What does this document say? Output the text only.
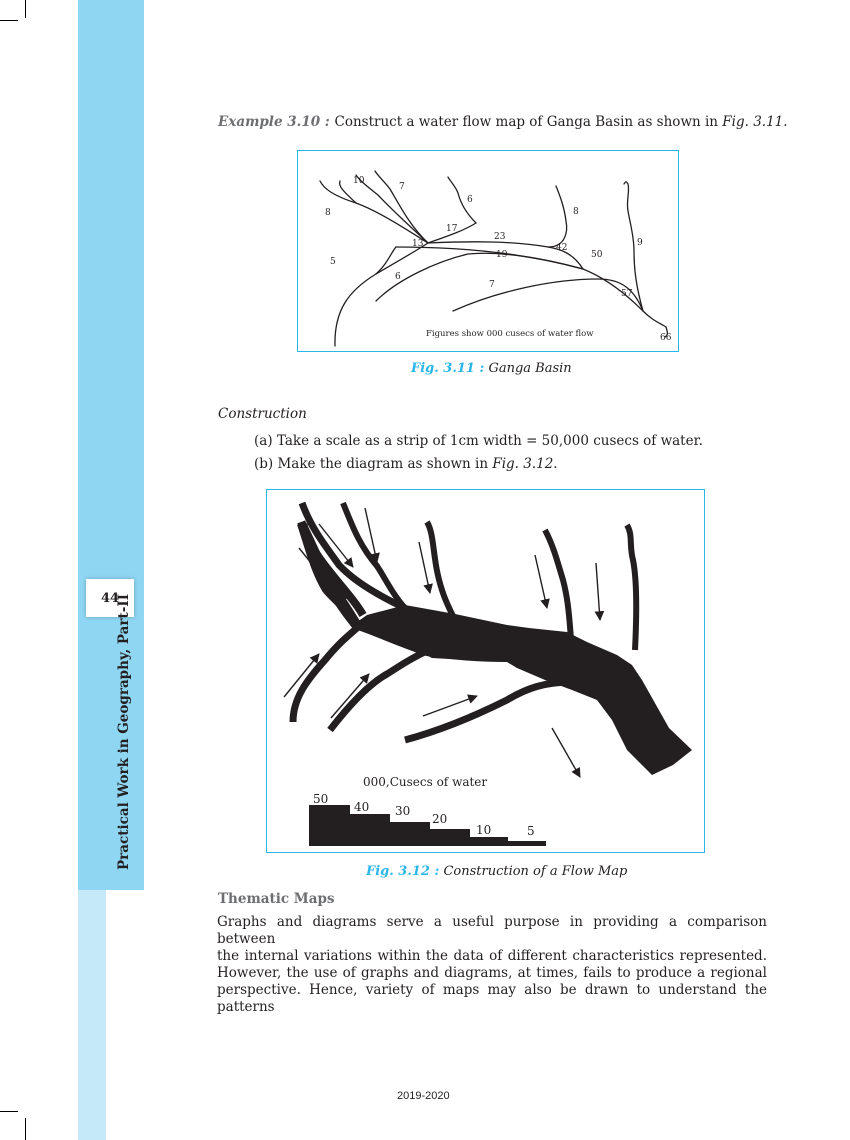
44
Practical Work in Geography, Part-II
Example 3.10 : Construct a water flow map of Ganga Basin as shown in Fig. 3.11.
10
7
6
8	8
17
23
13	42
50
9
5
19
6
7
57
66
Figures show 000 cusecs of water flow
Fig. 3.11 : Ganga Basin
Construction
(a) Take a scale as a strip of 1cm width = 50,000 cusecs of water.
(b) Make the diagram as shown in Fig. 3.12.
000,Cusecs of water
50
40 30
20
10	5
Fig. 3.12 : Construction of a Flow Map
Thematic Maps
Graphs and diagrams serve a useful purpose in providing a comparison between
the internal variations within the data of different characteristics represented.
However, the use of graphs and diagrams, at times, fails to produce a regional
perspective. Hence, variety of maps may also be drawn to understand the patterns
2019-2020
